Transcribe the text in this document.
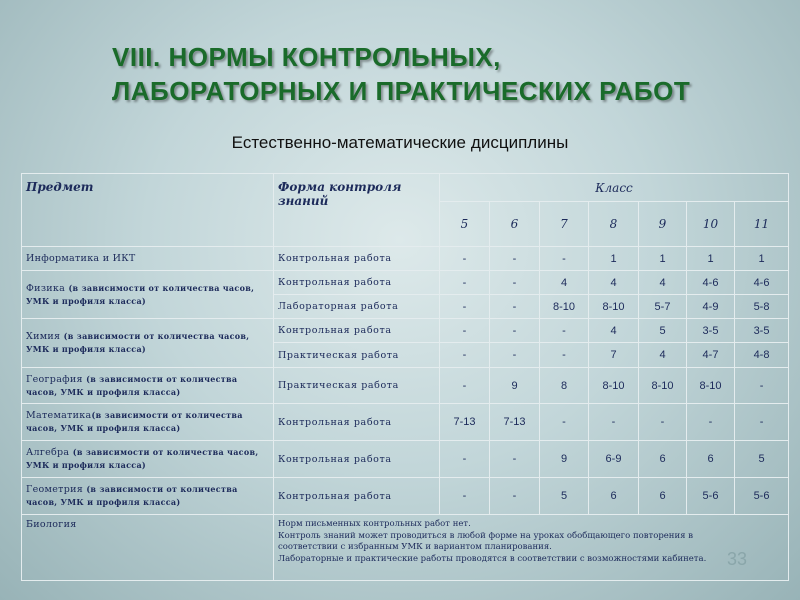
VIII. НОРМЫ КОНТРОЛЬНЫХ,
ЛАБОРАТОРНЫХ И ПРАКТИЧЕСКИХ РАБОТ
Естественно-математические дисциплины
Предмет	Форма контроля знаний	Класс						
		5	6	7	8	9	10	11
Информатика и ИКТ	Контрольная работа	-	-	-	1	1	1	1
Физика (в зависимости от количества часов, УМК и профиля класса)	Контрольная работа	-	-	4	4	4	4-6	4-6
	Лабораторная работа	-	-	8-10	8-10	5-7	4-9	5-8
Химия (в зависимости от количества часов, УМК и профиля класса)	Контрольная работа	-	-	-	4	5	3-5	3-5
	Практическая работа	-	-	-	7	4	4-7	4-8
География (в зависимости от количества часов, УМК и профиля класса)	Практическая работа	-	9	8	8-10	8-10	8-10	-
Математика(в зависимости от количества часов, УМК и профиля класса)	Контрольная работа	7-13	7-13	-	-	-	-	-
Алгебра (в зависимости от количества часов, УМК и профиля класса)	Контрольная работа	-	-	9	6-9	6	6	5
Геометрия (в зависимости от количества часов, УМК и профиля класса)	Контрольная работа	-	-	5	6	6	5-6	5-6
Биология	Норм письменных контрольных работ нет.
Контроль знаний может проводиться в любой форме на уроках обобщающего повторения в
соответствии с избранным УМК и вариантом планирования.
Лабораторные и практические работы проводятся в соответствии с возможностями кабинета.								33
